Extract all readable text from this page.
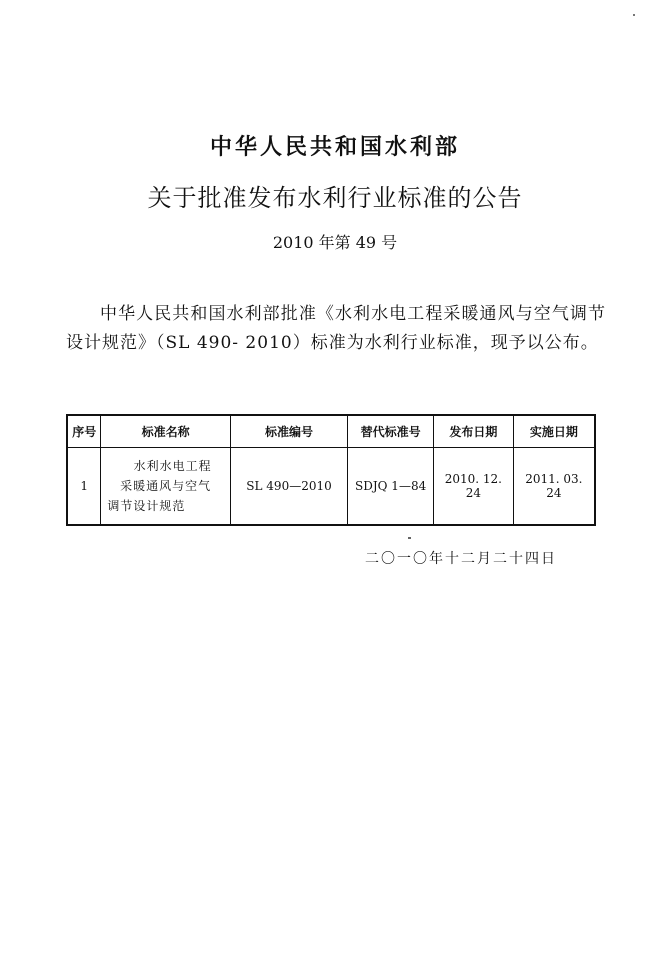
中华人民共和国水利部
关于批准发布水利行业标准的公告
2010 年第 49 号
中华人民共和国水利部批准《水利水电工程采暖通风与空气调节设计规范》（SL 490- 2010）标准为水利行业标准，现予以公布。
序号	标准名称	标准编号	替代标准号	发布日期	实施日期
1	水利水电工程
采暖通风与空气
调节设计规范	SL 490—2010	SDJQ 1—84	2010. 12. 24	2011. 03. 24
二〇一〇年十二月二十四日
